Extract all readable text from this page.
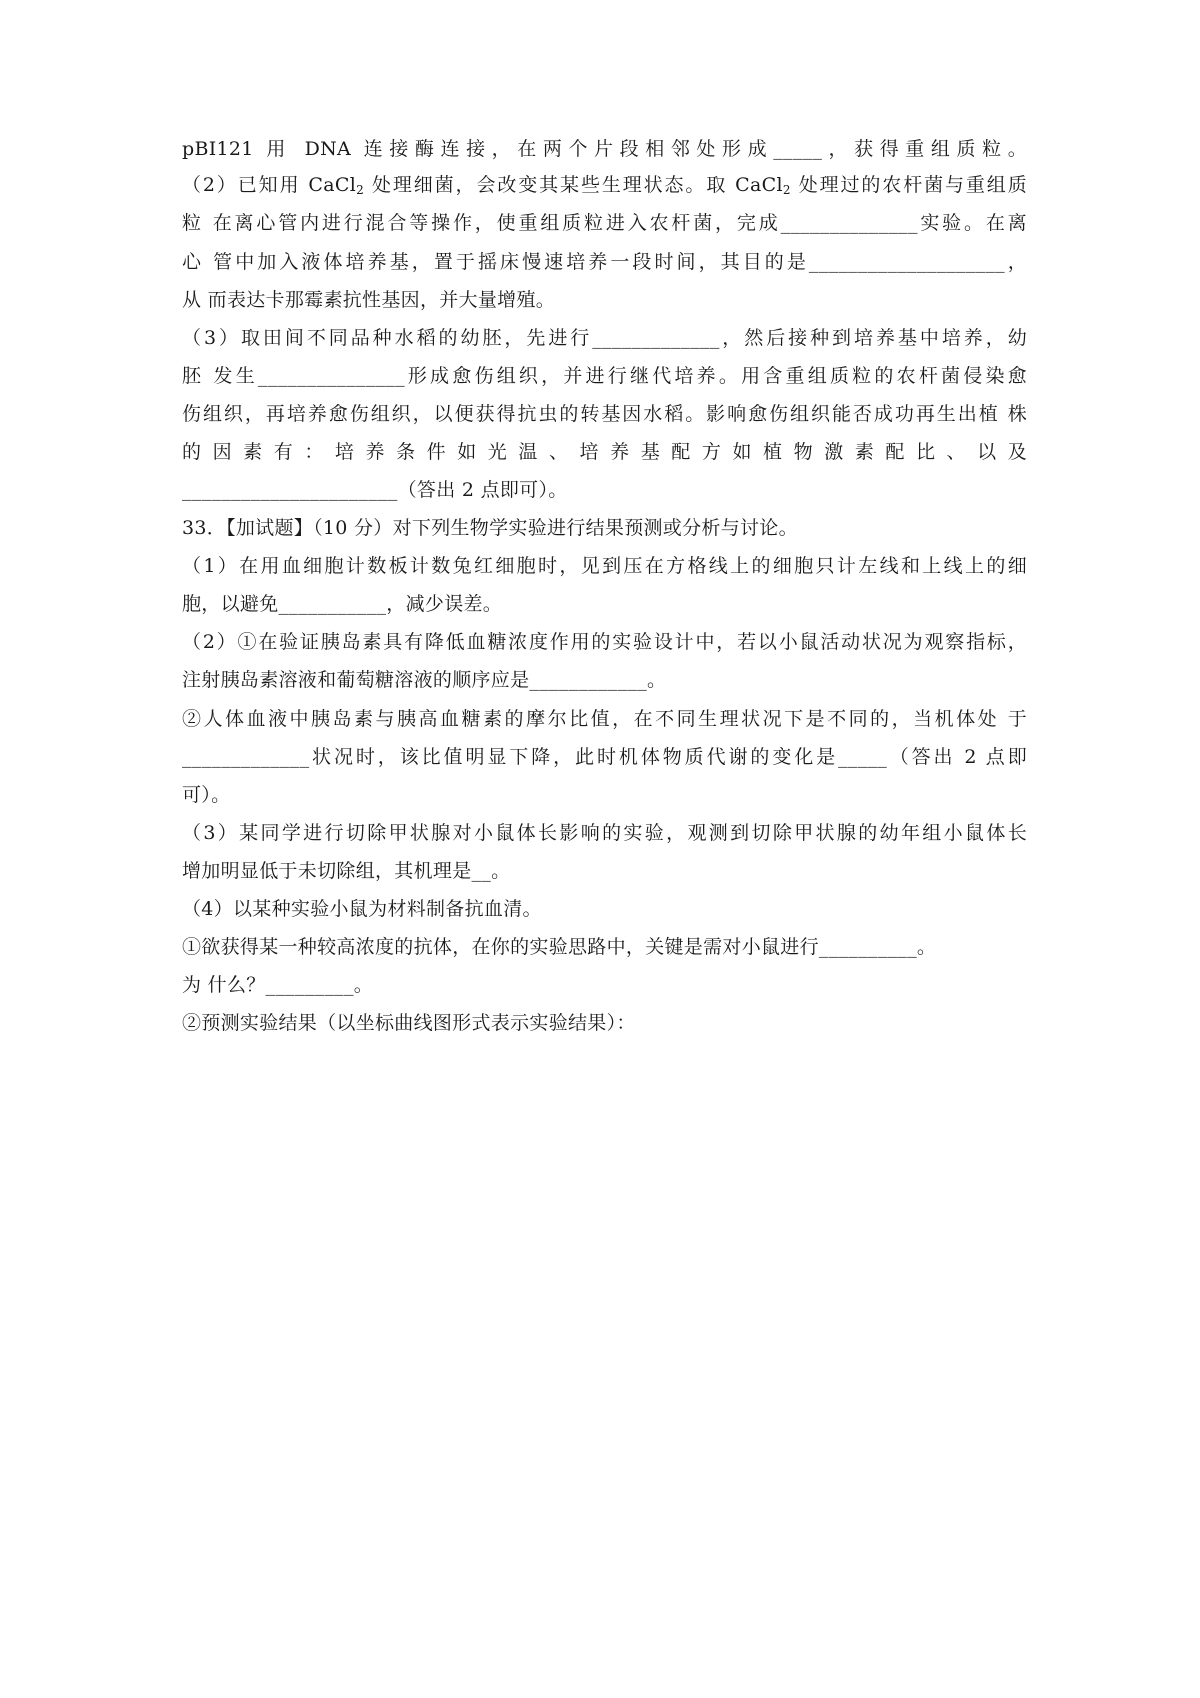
pBI121 用 DNA 连接酶连接，在两个片段相邻处形成_____，获得重组质粒。
（2）已知用 CaCl$_2$ 处理细菌，会改变其某些生理状态。取 CaCl$_2$ 处理过的农杆菌与重组质
粒 在离心管内进行混合等操作，使重组质粒进入农杆菌，完成______________实验。在离
心 管中加入液体培养基，置于摇床慢速培养一段时间，其目的是____________________，
从 而表达卡那霉素抗性基因，并大量增殖。
（3）取田间不同品种水稻的幼胚，先进行_____________，然后接种到培养基中培养，幼
胚 发生_______________形成愈伤组织，并进行继代培养。用含重组质粒的农杆菌侵染愈
伤组织，再培养愈伤组织，以便获得抗虫的转基因水稻。影响愈伤组织能否成功再生出植 株
的 因 素 有 ： 培 养 条 件 如 光 温 、 培 养 基 配 方 如 植 物 激 素 配 比 、 以 及
______________________（答出 2 点即可）。
33．【加试题】（10 分）对下列生物学实验进行结果预测或分析与讨论。
（1）在用血细胞计数板计数兔红细胞时，见到压在方格线上的细胞只计左线和上线上的细
胞，以避免___________，减少误差。
（2）①在验证胰岛素具有降低血糖浓度作用的实验设计中，若以小鼠活动状况为观察指标，
注射胰岛素溶液和葡萄糖溶液的顺序应是____________。
②人体血液中胰岛素与胰高血糖素的摩尔比值，在不同生理状况下是不同的，当机体处 于
_____________状况时，该比值明显下降，此时机体物质代谢的变化是_____（答出 2 点即
可）。
（3）某同学进行切除甲状腺对小鼠体长影响的实验，观测到切除甲状腺的幼年组小鼠体长
增加明显低于未切除组，其机理是__。
（4）以某种实验小鼠为材料制备抗血清。
①欲获得某一种较高浓度的抗体，在你的实验思路中，关键是需对小鼠进行__________。
为 什么？_________。
②预测实验结果（以坐标曲线图形式表示实验结果）：
